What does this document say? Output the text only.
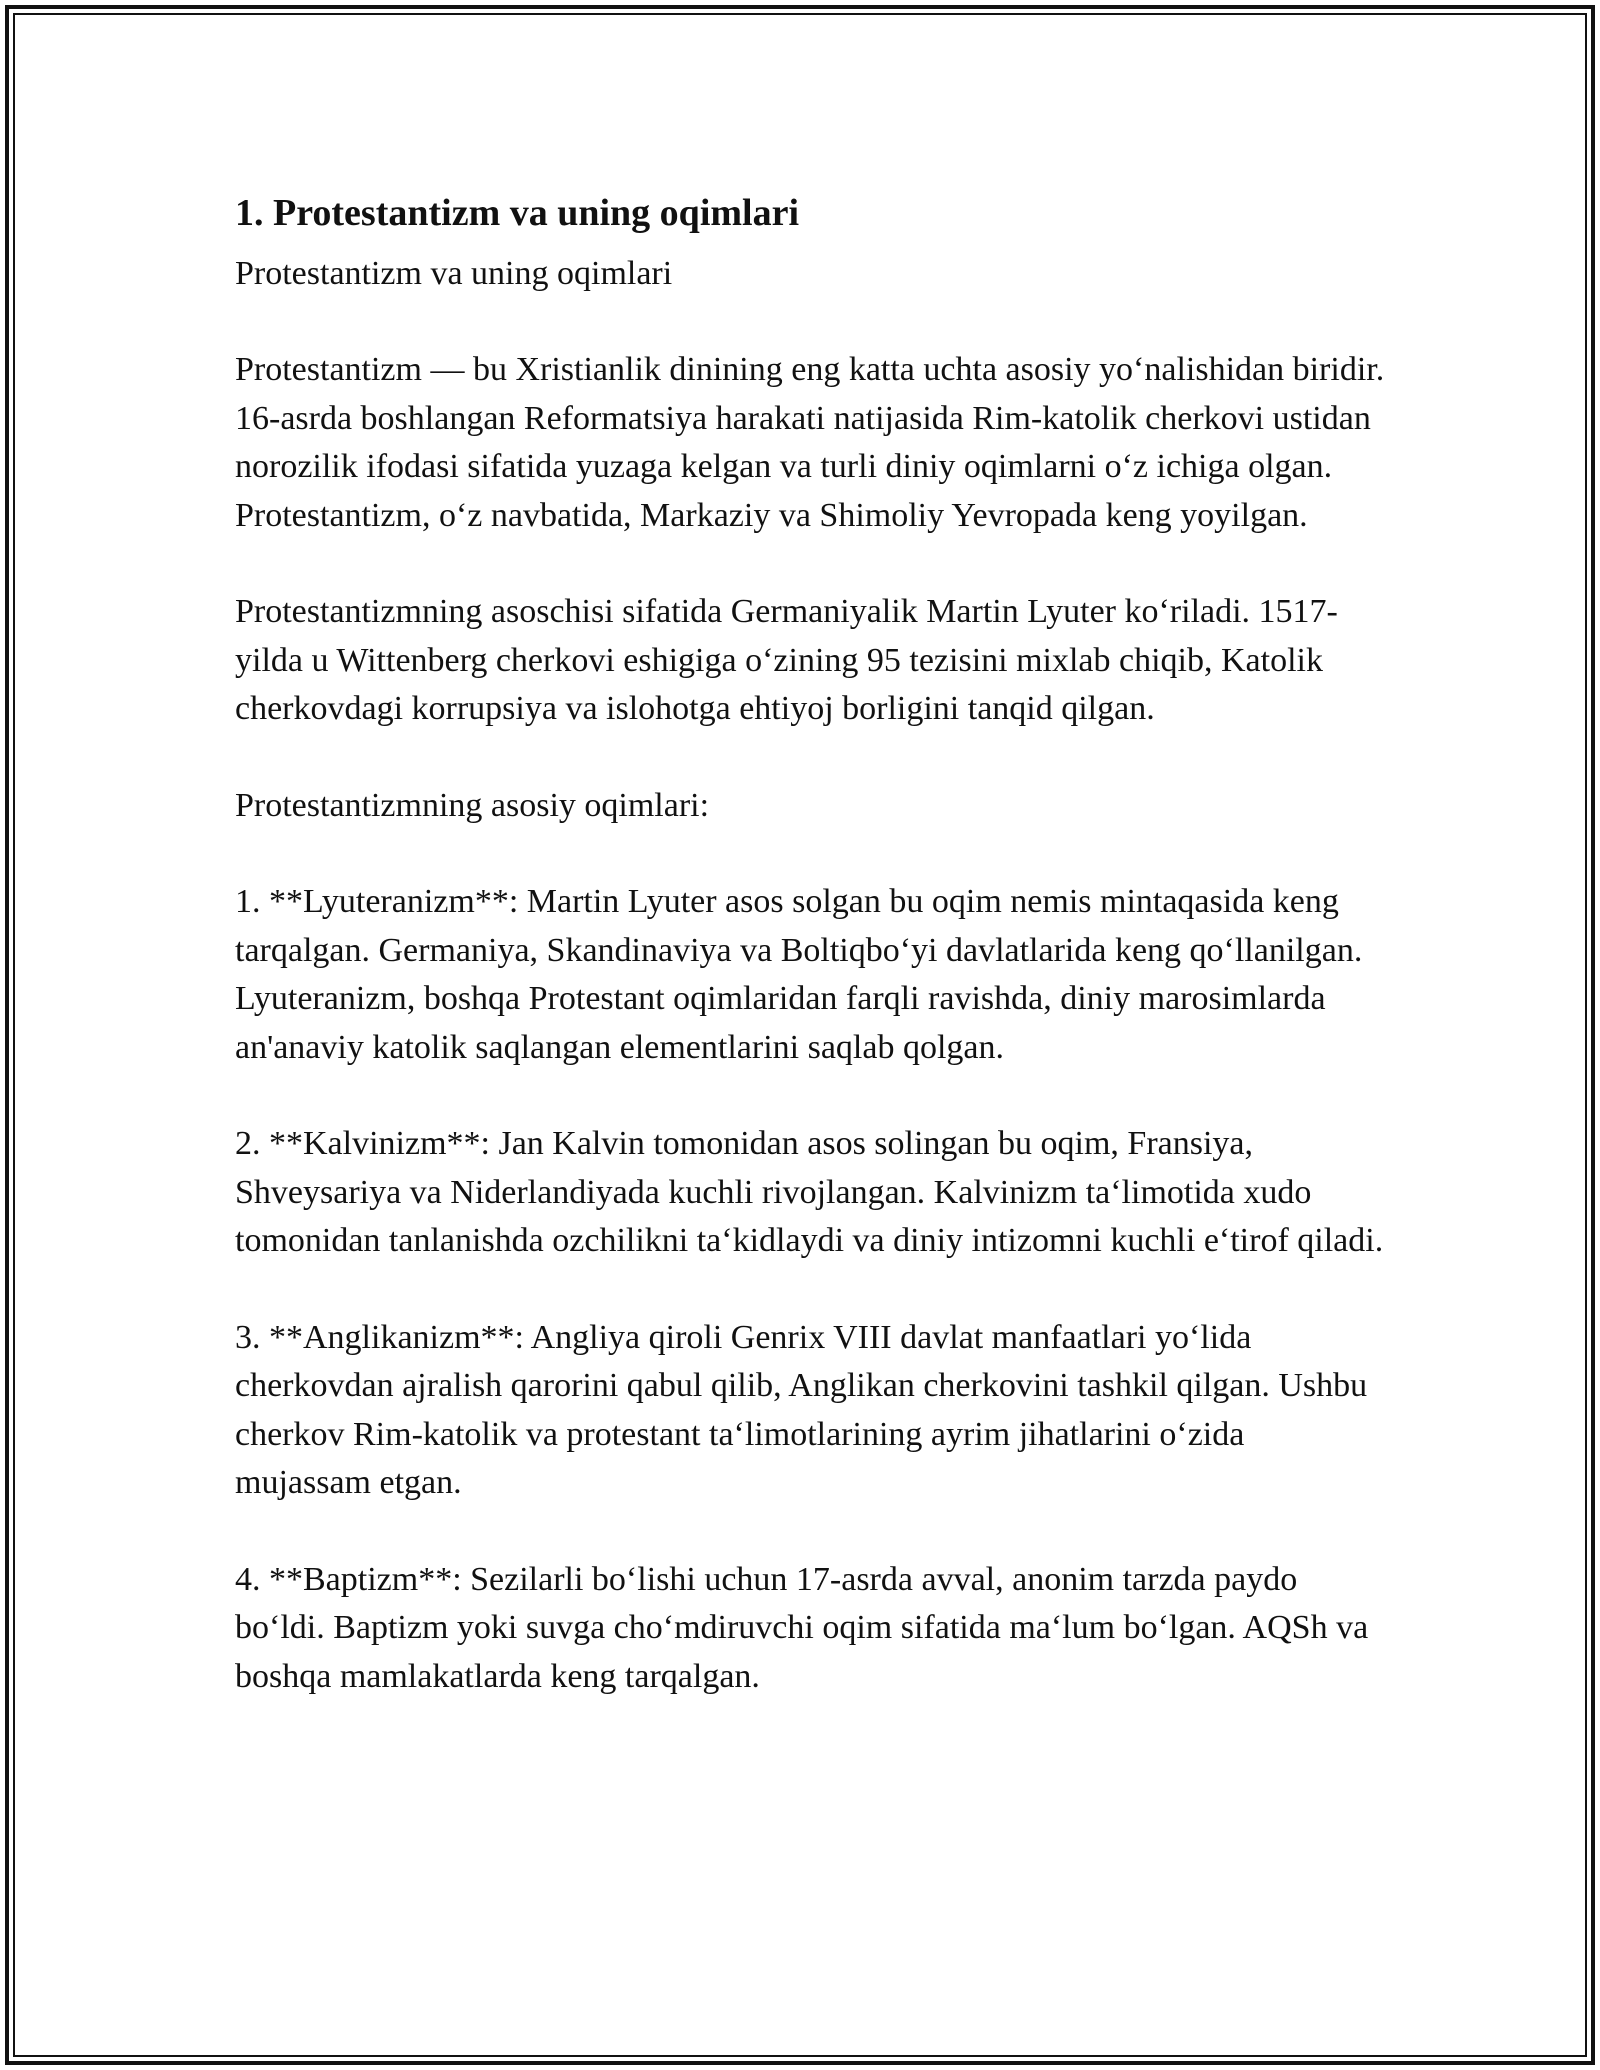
1. Protestantizm va uning oqimlari

Protestantizm va uning oqimlari

Protestantizm — bu Xristianlik dinining eng katta uchta asosiy yo‘nalishidan biridir. 16-asrda boshlangan Reformatsiya harakati natijasida Rim-katolik cherkovi ustidan norozilik ifodasi sifatida yuzaga kelgan va turli diniy oqimlarni o‘z ichiga olgan. Protestantizm, o‘z navbatida, Markaziy va Shimoliy Yevropada keng yoyilgan.

Protestantizmning asoschisi sifatida Germaniyalik Martin Lyuter ko‘riladi. 1517-yilda u Wittenberg cherkovi eshigiga o‘zining 95 tezisini mixlab chiqib, Katolik cherkovdagi korrupsiya va islohotga ehtiyoj borligini tanqid qilgan.

Protestantizmning asosiy oqimlari:

1. **Lyuteranizm**: Martin Lyuter asos solgan bu oqim nemis mintaqasida keng tarqalgan. Germaniya, Skandinaviya va Boltiqbo‘yi davlatlarida keng qo‘llanilgan. Lyuteranizm, boshqa Protestant oqimlaridan farqli ravishda, diniy marosimlarda an'anaviy katolik saqlangan elementlarini saqlab qolgan.

2. **Kalvinizm**: Jan Kalvin tomonidan asos solingan bu oqim, Fransiya, Shveysariya va Niderlandiyada kuchli rivojlangan. Kalvinizm ta‘limotida xudo tomonidan tanlanishda ozchilikni ta‘kidlaydi va diniy intizomni kuchli e‘tirof qiladi.

3. **Anglikanizm**: Angliya qiroli Genrix VIII davlat manfaatlari yo‘lida cherkovdan ajralish qarorini qabul qilib, Anglikan cherkovini tashkil qilgan. Ushbu cherkov Rim-katolik va protestant ta‘limotlarining ayrim jihatlarini o‘zida mujassam etgan.

4. **Baptizm**: Sezilarli bo‘lishi uchun 17-asrda avval, anonim tarzda paydo bo‘ldi. Baptizm yoki suvga cho‘mdiruvchi oqim sifatida ma‘lum bo‘lgan. AQSh va boshqa mamlakatlarda keng tarqalgan.
